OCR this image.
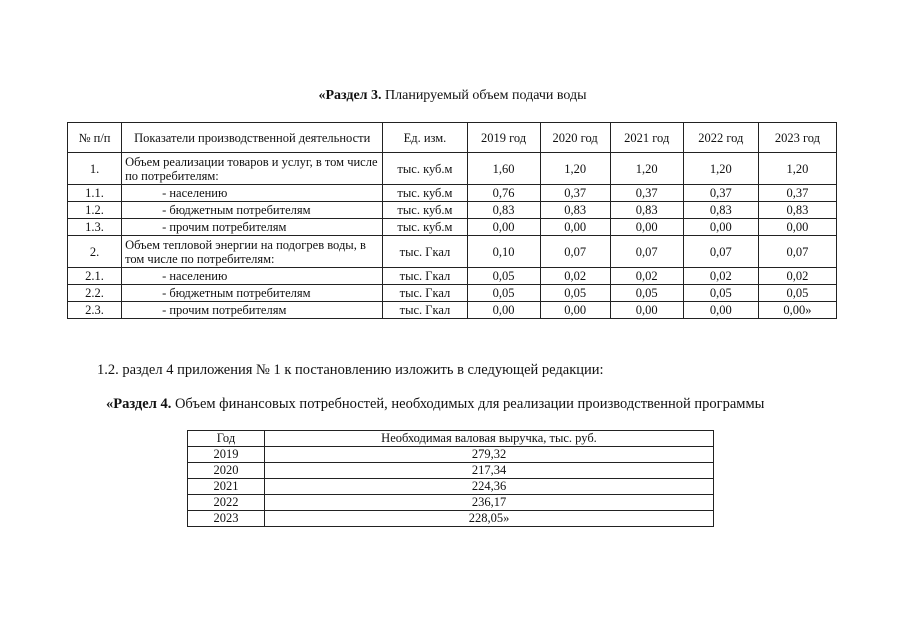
«Раздел 3. Планируемый объем подачи воды
№ п/п	Показатели производственной деятельности	Ед. изм.	2019 год	2020 год	2021 год	2022 год	2023 год
1.	Объем реализации товаров и услуг, в том числе по потребителям:	тыс. куб.м	1,60	1,20	1,20	1,20	1,20
1.1.	- населению	тыс. куб.м	0,76	0,37	0,37	0,37	0,37
1.2.	- бюджетным потребителям	тыс. куб.м	0,83	0,83	0,83	0,83	0,83
1.3.	- прочим потребителям	тыс. куб.м	0,00	0,00	0,00	0,00	0,00
2.	Объем тепловой энергии на подогрев воды, в том числе по потребителям:	тыс. Гкал	0,10	0,07	0,07	0,07	0,07
2.1.	- населению	тыс. Гкал	0,05	0,02	0,02	0,02	0,02
2.2.	- бюджетным потребителям	тыс. Гкал	0,05	0,05	0,05	0,05	0,05
2.3.	- прочим потребителям	тыс. Гкал	0,00	0,00	0,00	0,00	0,00»
1.2. раздел 4 приложения № 1 к постановлению изложить в следующей редакции:
«Раздел 4. Объем финансовых потребностей, необходимых для реализации производственной программы
Год	Необходимая валовая выручка, тыс. руб.
2019	279,32
2020	217,34
2021	224,36
2022	236,17
2023	228,05»
